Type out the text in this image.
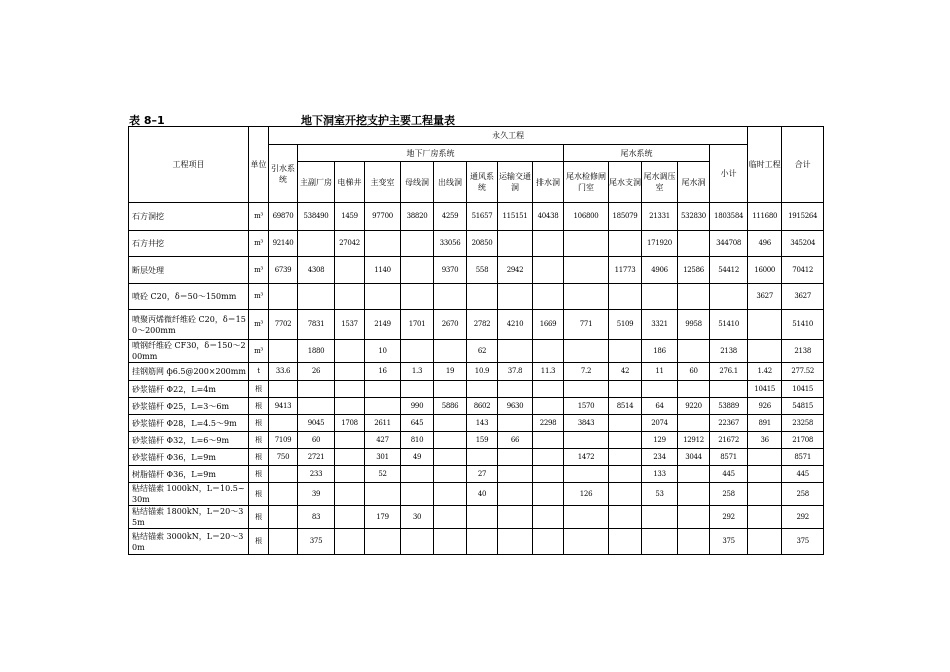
表 8–1	地下洞室开挖支护主要工程量表
工程项目	单位	永久工程														临时工程	合计
		引水系统	地下厂房系统								尾水系统				小计		
			主副厂房	电梯井	主变室	母线洞	出线洞	通风系统	运输交通洞	排水洞	尾水检修闸门室	尾水支洞	尾水调压室	尾水洞			
石方洞挖	m³	69870	538490	1459	97700	38820	4259	51657	115151	40438	106800	185079	21331	532830	1803584	111680	1915264
石方井挖	m³	92140		27042			33056	20850					171920		344708	496	345204
断层处理	m³	6739	4308		1140		9370	558	2942			11773	4906	12586	54412	16000	70412
喷砼 C20，δ＝50～150mm	m³															3627	3627
喷聚丙烯微纤维砼 C20，δ＝150～200mm	m³	7702	7831	1537	2149	1701	2670	2782	4210	1669	771	5109	3321	9958	51410		51410
喷钢纤维砼 CF30，δ＝150～200mm	m³		1880		10			62					186		2138		2138
挂钢筋网 ф6.5@200×200mm	t	33.6	26		16	1.3	19	10.9	37.8	11.3	7.2	42	11	60	276.1	1.42	277.52
砂浆锚杆 Φ22，L=4m	根															10415	10415
砂浆锚杆 Φ25，L=3～6m	根	9413				990	5886	8602	9630		1570	8514	64	9220	53889	926	54815
砂浆锚杆 Φ28，L=4.5～9m	根		9045	1708	2611	645		143		2298	3843		2074		22367	891	23258
砂浆锚杆 Φ32，L=6～9m	根	7109	60		427	810		159	66				129	12912	21672	36	21708
砂浆锚杆 Φ36，L=9m	根	750	2721		301	49					1472		234	3044	8571		8571
树脂锚杆 Φ36，L=9m	根		233		52			27					133		445		445
粘结锚索 1000kN，L＝10.5~30m	根		39					40			126		53		258		258
粘结锚索 1800kN，L＝20～35m	根		83		179	30									292		292
粘结锚索 3000kN，L＝20～30m	根		375												375		375
